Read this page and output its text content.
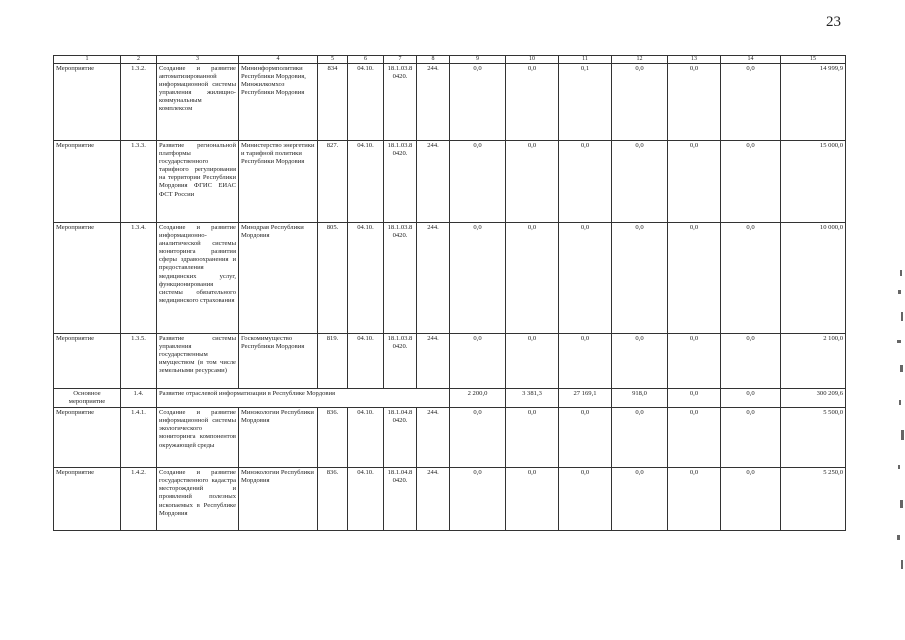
23
1	2	3	4	5	6	7	8	9	10	11	12	13	14	15
Мероприятие	1.3.2.	Создание и развитие автоматизированной информационной системы управления жилищно-коммунальным комплексом	Мининформполитики Республики Мордовия, Минжилкомхоз Республики Мордовия	834	04.10.	18.1.03.8 0420.	244.	0,0	0,0	0,1	0,0	0,0	0,0	14 999,9
Мероприятие	1.3.3.	Развитие региональной платформы государственного тарифного регулирования на территории Республики Мордовия ФГИС ЕИАС ФСТ России	Министерство энергетики и тарифной политики Республики Мордовия	827.	04.10.	18.1.03.8 0420.	244.	0,0	0,0	0,0	0,0	0,0	0,0	15 000,0
Мероприятие	1.3.4.	Создание и развитие информационно-аналитической системы мониторинга развития сферы здравоохранения и предоставления медицинских услуг, функционирования системы обязательного медицинского страхования	Минздрав Республики Мордовия	805.	04.10.	18.1.03.8 0420.	244.	0,0	0,0	0,0	0,0	0,0	0,0	10 000,0
Мероприятие	1.3.5.	Развитие системы управления государственным имуществом (в том числе земельными ресурсами)	Госкомимущество Республики Мордовия	819.	04.10.	18.1.03.8 0420.	244.	0,0	0,0	0,0	0,0	0,0	0,0	2 100,0
Основное мероприятие	1.4.	Развитие отраслевой информатизации в Республике Мордовия						2 200,0	3 381,3	27 169,1	918,0	0,0	0,0	300 209,6
Мероприятие	1.4.1.	Создание и развитие информационной системы экологического мониторинга компонентов окружающей среды	Минэкологии Республики Мордовия	836.	04.10.	18.1.04.8 0420.	244.	0,0	0,0	0,0	0,0	0,0	0,0	5 500,0
Мероприятие	1.4.2.	Создание и развитие государственного кадастра месторождений и проявлений полезных ископаемых в Республике Мордовия	Минэкологии Республики Мордовия	836.	04.10.	18.1.04.8 0420.	244.	0,0	0,0	0,0	0,0	0,0	0,0	5 250,0
